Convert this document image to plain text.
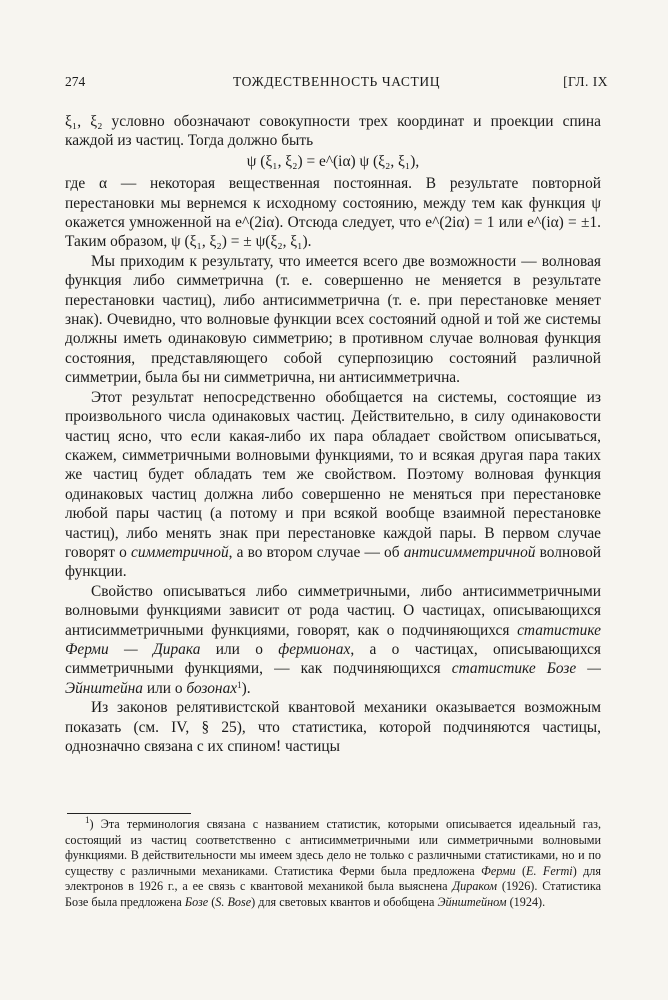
274	ТОЖДЕСТВЕННОСТЬ ЧАСТИЦ	[ГЛ. IX

ξ₁, ξ₂ условно обозначают совокупности трех координат и проекции спина каждой из частиц. Тогда должно быть

ψ (ξ₁, ξ₂) = e^(iα) ψ (ξ₂, ξ₁),

где α — некоторая вещественная постоянная. В результате повторной перестановки мы вернемся к исходному состоянию, между тем как функция ψ окажется умноженной на e^(2iα). Отсюда следует, что e^(2iα) = 1 или e^(iα) = ±1. Таким образом, ψ (ξ₁, ξ₂) = ± ψ(ξ₂, ξ₁).

Мы приходим к результату, что имеется всего две возможности — волновая функция либо симметрична (т. е. совершенно не меняется в результате перестановки частиц), либо антисимметрична (т. е. при перестановке меняет знак). Очевидно, что волновые функции всех состояний одной и той же системы должны иметь одинаковую симметрию; в противном случае волновая функция состояния, представляющего собой суперпозицию состояний различной симметрии, была бы ни симметрична, ни антисимметрична.

Этот результат непосредственно обобщается на системы, состоящие из произвольного числа одинаковых частиц. Действительно, в силу одинаковости частиц ясно, что если какая-либо их пара обладает свойством описываться, скажем, симметричными волновыми функциями, то и всякая другая пара таких же частиц будет обладать тем же свойством. Поэтому волновая функция одинаковых частиц должна либо совершенно не меняться при перестановке любой пары частиц (а потому и при всякой вообще взаимной перестановке частиц), либо менять знак при перестановке каждой пары. В первом случае говорят о симметричной, а во втором случае — об антисимметричной волновой функции.

Свойство описываться либо симметричными, либо антисимметричными волновыми функциями зависит от рода частиц. О частицах, описывающихся антисимметричными функциями, говорят, как о подчиняющихся статистике Ферми — Дирака или о фермионах, а о частицах, описывающихся симметричными функциями, — как подчиняющихся статистике Бозе — Эйнштейна или о бозонах$^1$).

Из законов релятивистской квантовой механики оказывается возможным показать (см. IV, § 25), что статистика, которой подчиняются частицы, однозначно связана с их спином! частицы

$^1$) Эта терминология связана с названием статистик, которыми описывается идеальный газ, состоящий из частиц соответственно с антисимметричными или симметричными волновыми функциями. В действительности мы имеем здесь дело не только с различными статистиками, но и по существу с различными механиками. Статистика Ферми была предложена Ферми (E. Fermi) для электронов в 1926 г., а ее связь с квантовой механикой была выяснена Дираком (1926). Статистика Бозе была предложена Бозе (S. Bose) для световых квантов и обобщена Эйнштейном (1924).
